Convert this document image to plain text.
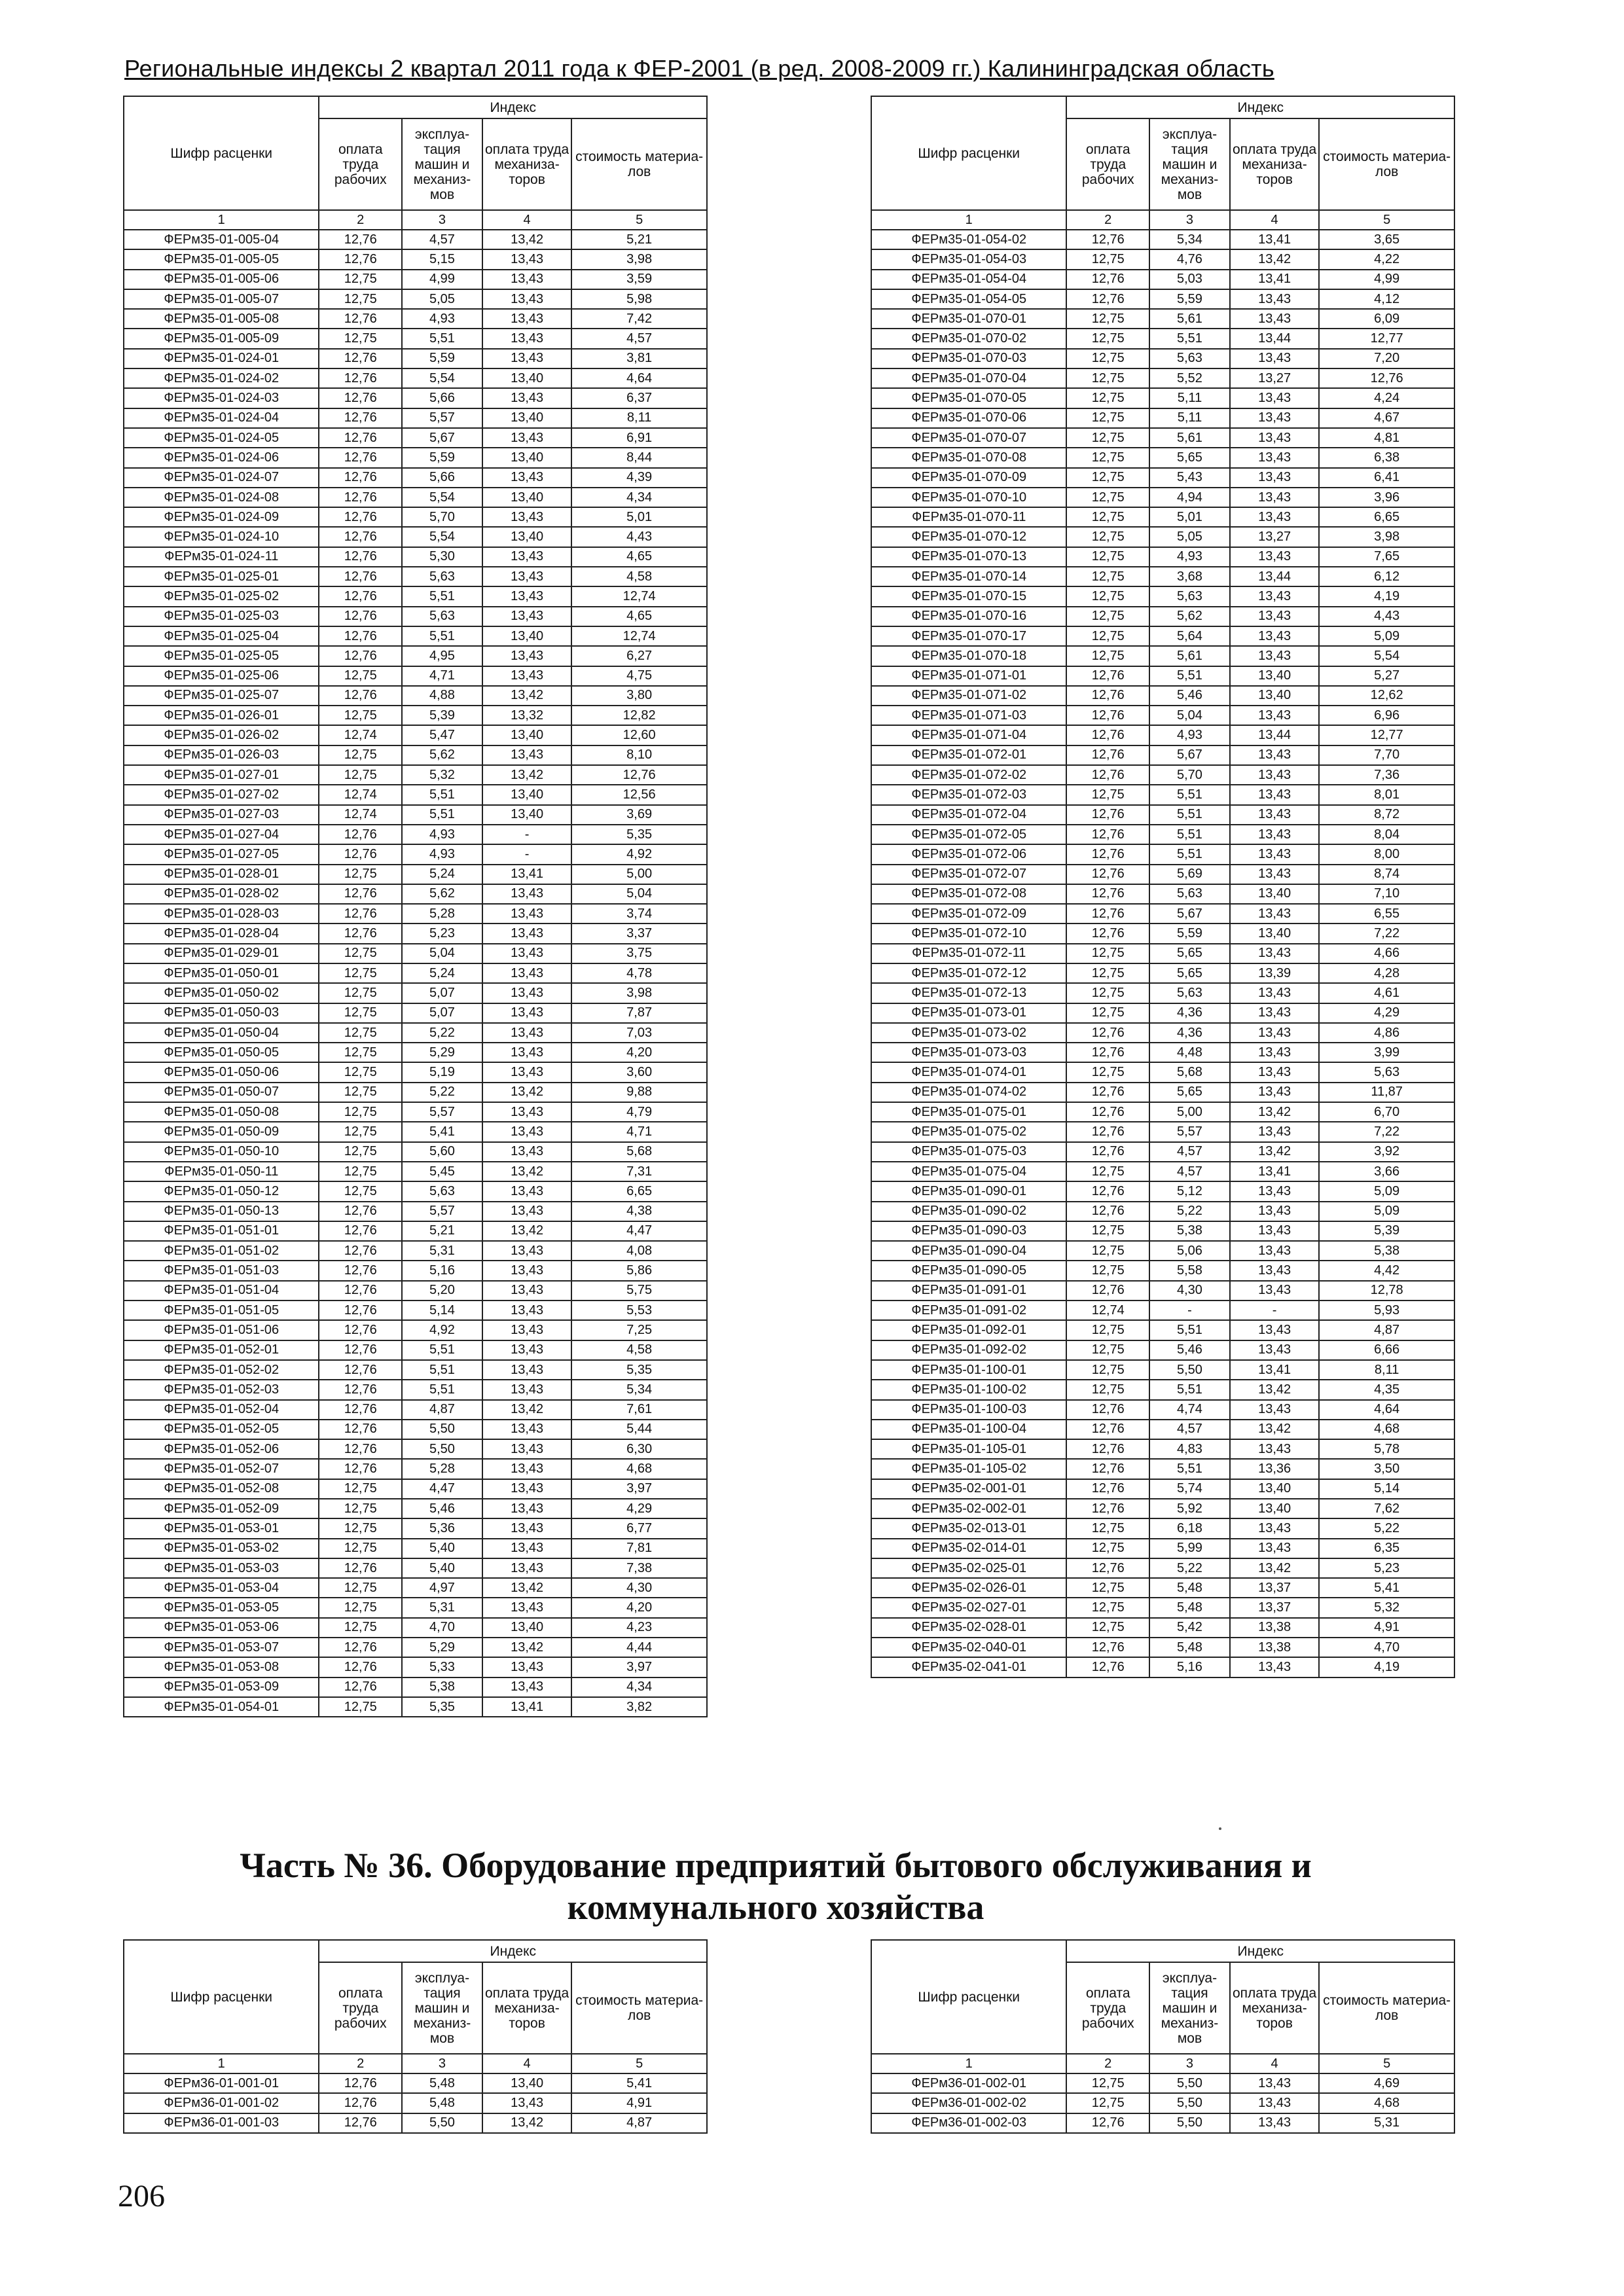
Региональные индексы 2 квартал 2011 года к ФЕР-2001 (в ред. 2008-2009 гг.) Калининградская область
Шифр расценки	Индекс			
	оплата труда рабочих	эксплуа-тация машин и механиз-мов	оплата труда механиза-торов	стоимость материа-лов
1	2	3	4	5
ФЕРм35-01-005-04	12,76	4,57	13,42	5,21
ФЕРм35-01-005-05	12,76	5,15	13,43	3,98
ФЕРм35-01-005-06	12,75	4,99	13,43	3,59
ФЕРм35-01-005-07	12,75	5,05	13,43	5,98
ФЕРм35-01-005-08	12,76	4,93	13,43	7,42
ФЕРм35-01-005-09	12,75	5,51	13,43	4,57
ФЕРм35-01-024-01	12,76	5,59	13,43	3,81
ФЕРм35-01-024-02	12,76	5,54	13,40	4,64
ФЕРм35-01-024-03	12,76	5,66	13,43	6,37
ФЕРм35-01-024-04	12,76	5,57	13,40	8,11
ФЕРм35-01-024-05	12,76	5,67	13,43	6,91
ФЕРм35-01-024-06	12,76	5,59	13,40	8,44
ФЕРм35-01-024-07	12,76	5,66	13,43	4,39
ФЕРм35-01-024-08	12,76	5,54	13,40	4,34
ФЕРм35-01-024-09	12,76	5,70	13,43	5,01
ФЕРм35-01-024-10	12,76	5,54	13,40	4,43
ФЕРм35-01-024-11	12,76	5,30	13,43	4,65
ФЕРм35-01-025-01	12,76	5,63	13,43	4,58
ФЕРм35-01-025-02	12,76	5,51	13,43	12,74
ФЕРм35-01-025-03	12,76	5,63	13,43	4,65
ФЕРм35-01-025-04	12,76	5,51	13,40	12,74
ФЕРм35-01-025-05	12,76	4,95	13,43	6,27
ФЕРм35-01-025-06	12,75	4,71	13,43	4,75
ФЕРм35-01-025-07	12,76	4,88	13,42	3,80
ФЕРм35-01-026-01	12,75	5,39	13,32	12,82
ФЕРм35-01-026-02	12,74	5,47	13,40	12,60
ФЕРм35-01-026-03	12,75	5,62	13,43	8,10
ФЕРм35-01-027-01	12,75	5,32	13,42	12,76
ФЕРм35-01-027-02	12,74	5,51	13,40	12,56
ФЕРм35-01-027-03	12,74	5,51	13,40	3,69
ФЕРм35-01-027-04	12,76	4,93	-	5,35
ФЕРм35-01-027-05	12,76	4,93	-	4,92
ФЕРм35-01-028-01	12,75	5,24	13,41	5,00
ФЕРм35-01-028-02	12,76	5,62	13,43	5,04
ФЕРм35-01-028-03	12,76	5,28	13,43	3,74
ФЕРм35-01-028-04	12,76	5,23	13,43	3,37
ФЕРм35-01-029-01	12,75	5,04	13,43	3,75
ФЕРм35-01-050-01	12,75	5,24	13,43	4,78
ФЕРм35-01-050-02	12,75	5,07	13,43	3,98
ФЕРм35-01-050-03	12,75	5,07	13,43	7,87
ФЕРм35-01-050-04	12,75	5,22	13,43	7,03
ФЕРм35-01-050-05	12,75	5,29	13,43	4,20
ФЕРм35-01-050-06	12,75	5,19	13,43	3,60
ФЕРм35-01-050-07	12,75	5,22	13,42	9,88
ФЕРм35-01-050-08	12,75	5,57	13,43	4,79
ФЕРм35-01-050-09	12,75	5,41	13,43	4,71
ФЕРм35-01-050-10	12,75	5,60	13,43	5,68
ФЕРм35-01-050-11	12,75	5,45	13,42	7,31
ФЕРм35-01-050-12	12,75	5,63	13,43	6,65
ФЕРм35-01-050-13	12,76	5,57	13,43	4,38
ФЕРм35-01-051-01	12,76	5,21	13,42	4,47
ФЕРм35-01-051-02	12,76	5,31	13,43	4,08
ФЕРм35-01-051-03	12,76	5,16	13,43	5,86
ФЕРм35-01-051-04	12,76	5,20	13,43	5,75
ФЕРм35-01-051-05	12,76	5,14	13,43	5,53
ФЕРм35-01-051-06	12,76	4,92	13,43	7,25
ФЕРм35-01-052-01	12,76	5,51	13,43	4,58
ФЕРм35-01-052-02	12,76	5,51	13,43	5,35
ФЕРм35-01-052-03	12,76	5,51	13,43	5,34
ФЕРм35-01-052-04	12,76	4,87	13,42	7,61
ФЕРм35-01-052-05	12,76	5,50	13,43	5,44
ФЕРм35-01-052-06	12,76	5,50	13,43	6,30
ФЕРм35-01-052-07	12,76	5,28	13,43	4,68
ФЕРм35-01-052-08	12,75	4,47	13,43	3,97
ФЕРм35-01-052-09	12,75	5,46	13,43	4,29
ФЕРм35-01-053-01	12,75	5,36	13,43	6,77
ФЕРм35-01-053-02	12,75	5,40	13,43	7,81
ФЕРм35-01-053-03	12,76	5,40	13,43	7,38
ФЕРм35-01-053-04	12,75	4,97	13,42	4,30
ФЕРм35-01-053-05	12,75	5,31	13,43	4,20
ФЕРм35-01-053-06	12,75	4,70	13,40	4,23
ФЕРм35-01-053-07	12,76	5,29	13,42	4,44
ФЕРм35-01-053-08	12,76	5,33	13,43	3,97
ФЕРм35-01-053-09	12,76	5,38	13,43	4,34
ФЕРм35-01-054-01	12,75	5,35	13,41	3,82
Шифр расценки	Индекс			
	оплата труда рабочих	эксплуа-тация машин и механиз-мов	оплата труда механиза-торов	стоимость материа-лов
1	2	3	4	5
ФЕРм35-01-054-02	12,76	5,34	13,41	3,65
ФЕРм35-01-054-03	12,75	4,76	13,42	4,22
ФЕРм35-01-054-04	12,76	5,03	13,41	4,99
ФЕРм35-01-054-05	12,76	5,59	13,43	4,12
ФЕРм35-01-070-01	12,75	5,61	13,43	6,09
ФЕРм35-01-070-02	12,75	5,51	13,44	12,77
ФЕРм35-01-070-03	12,75	5,63	13,43	7,20
ФЕРм35-01-070-04	12,75	5,52	13,27	12,76
ФЕРм35-01-070-05	12,75	5,11	13,43	4,24
ФЕРм35-01-070-06	12,75	5,11	13,43	4,67
ФЕРм35-01-070-07	12,75	5,61	13,43	4,81
ФЕРм35-01-070-08	12,75	5,65	13,43	6,38
ФЕРм35-01-070-09	12,75	5,43	13,43	6,41
ФЕРм35-01-070-10	12,75	4,94	13,43	3,96
ФЕРм35-01-070-11	12,75	5,01	13,43	6,65
ФЕРм35-01-070-12	12,75	5,05	13,27	3,98
ФЕРм35-01-070-13	12,75	4,93	13,43	7,65
ФЕРм35-01-070-14	12,75	3,68	13,44	6,12
ФЕРм35-01-070-15	12,75	5,63	13,43	4,19
ФЕРм35-01-070-16	12,75	5,62	13,43	4,43
ФЕРм35-01-070-17	12,75	5,64	13,43	5,09
ФЕРм35-01-070-18	12,75	5,61	13,43	5,54
ФЕРм35-01-071-01	12,76	5,51	13,40	5,27
ФЕРм35-01-071-02	12,76	5,46	13,40	12,62
ФЕРм35-01-071-03	12,76	5,04	13,43	6,96
ФЕРм35-01-071-04	12,76	4,93	13,44	12,77
ФЕРм35-01-072-01	12,76	5,67	13,43	7,70
ФЕРм35-01-072-02	12,76	5,70	13,43	7,36
ФЕРм35-01-072-03	12,75	5,51	13,43	8,01
ФЕРм35-01-072-04	12,76	5,51	13,43	8,72
ФЕРм35-01-072-05	12,76	5,51	13,43	8,04
ФЕРм35-01-072-06	12,76	5,51	13,43	8,00
ФЕРм35-01-072-07	12,76	5,69	13,43	8,74
ФЕРм35-01-072-08	12,76	5,63	13,40	7,10
ФЕРм35-01-072-09	12,76	5,67	13,43	6,55
ФЕРм35-01-072-10	12,76	5,59	13,40	7,22
ФЕРм35-01-072-11	12,75	5,65	13,43	4,66
ФЕРм35-01-072-12	12,75	5,65	13,39	4,28
ФЕРм35-01-072-13	12,75	5,63	13,43	4,61
ФЕРм35-01-073-01	12,75	4,36	13,43	4,29
ФЕРм35-01-073-02	12,76	4,36	13,43	4,86
ФЕРм35-01-073-03	12,76	4,48	13,43	3,99
ФЕРм35-01-074-01	12,75	5,68	13,43	5,63
ФЕРм35-01-074-02	12,76	5,65	13,43	11,87
ФЕРм35-01-075-01	12,76	5,00	13,42	6,70
ФЕРм35-01-075-02	12,76	5,57	13,43	7,22
ФЕРм35-01-075-03	12,76	4,57	13,42	3,92
ФЕРм35-01-075-04	12,75	4,57	13,41	3,66
ФЕРм35-01-090-01	12,76	5,12	13,43	5,09
ФЕРм35-01-090-02	12,76	5,22	13,43	5,09
ФЕРм35-01-090-03	12,75	5,38	13,43	5,39
ФЕРм35-01-090-04	12,75	5,06	13,43	5,38
ФЕРм35-01-090-05	12,75	5,58	13,43	4,42
ФЕРм35-01-091-01	12,76	4,30	13,43	12,78
ФЕРм35-01-091-02	12,74	-	-	5,93
ФЕРм35-01-092-01	12,75	5,51	13,43	4,87
ФЕРм35-01-092-02	12,75	5,46	13,43	6,66
ФЕРм35-01-100-01	12,75	5,50	13,41	8,11
ФЕРм35-01-100-02	12,75	5,51	13,42	4,35
ФЕРм35-01-100-03	12,76	4,74	13,43	4,64
ФЕРм35-01-100-04	12,76	4,57	13,42	4,68
ФЕРм35-01-105-01	12,76	4,83	13,43	5,78
ФЕРм35-01-105-02	12,76	5,51	13,36	3,50
ФЕРм35-02-001-01	12,76	5,74	13,40	5,14
ФЕРм35-02-002-01	12,76	5,92	13,40	7,62
ФЕРм35-02-013-01	12,75	6,18	13,43	5,22
ФЕРм35-02-014-01	12,75	5,99	13,43	6,35
ФЕРм35-02-025-01	12,76	5,22	13,42	5,23
ФЕРм35-02-026-01	12,75	5,48	13,37	5,41
ФЕРм35-02-027-01	12,75	5,48	13,37	5,32
ФЕРм35-02-028-01	12,75	5,42	13,38	4,91
ФЕРм35-02-040-01	12,76	5,48	13,38	4,70
ФЕРм35-02-041-01	12,76	5,16	13,43	4,19
Часть № 36. Оборудование предприятий бытового обслуживания и коммунального хозяйства
Шифр расценки	Индекс			
	оплата труда рабочих	эксплуа-тация машин и механиз-мов	оплата труда механиза-торов	стоимость материа-лов
1	2	3	4	5
ФЕРм36-01-001-01	12,76	5,48	13,40	5,41
ФЕРм36-01-001-02	12,76	5,48	13,43	4,91
ФЕРм36-01-001-03	12,76	5,50	13,42	4,87
Шифр расценки	Индекс			
	оплата труда рабочих	эксплуа-тация машин и механиз-мов	оплата труда механиза-торов	стоимость материа-лов
1	2	3	4	5
ФЕРм36-01-002-01	12,75	5,50	13,43	4,69
ФЕРм36-01-002-02	12,75	5,50	13,43	4,68
ФЕРм36-01-002-03	12,76	5,50	13,43	5,31
206
